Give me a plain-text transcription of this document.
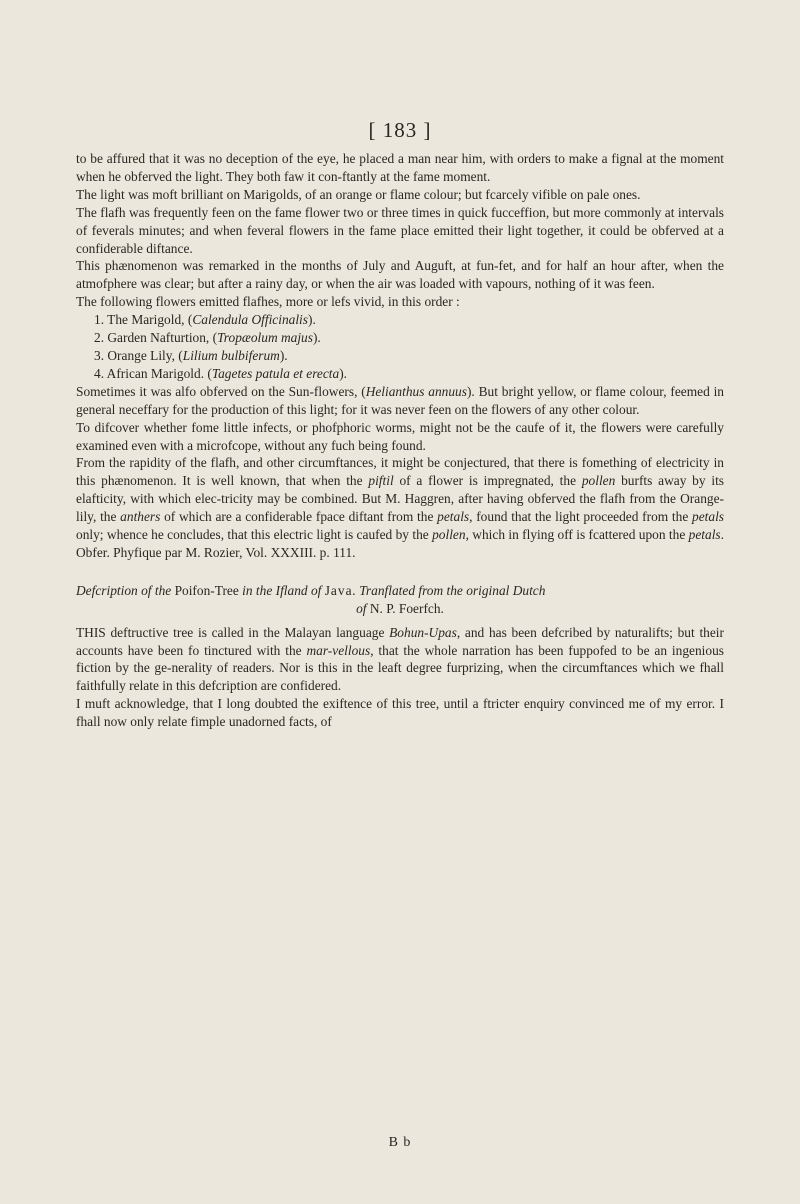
[ 183 ]

to be affured that it was no deception of the eye, he placed a man near him, with orders to make a fignal at the moment when he obferved the light. They both faw it con-ftantly at the fame moment.

The light was moft brilliant on Marigolds, of an orange or flame colour; but fcarcely vifible on pale ones.

The flafh was frequently feen on the fame flower two or three times in quick fucceffion, but more commonly at intervals of feverals minutes; and when feveral flowers in the fame place emitted their light together, it could be obferved at a confiderable diftance.

This phænomenon was remarked in the months of July and Auguft, at fun-fet, and for half an hour after, when the atmofphere was clear; but after a rainy day, or when the air was loaded with vapours, nothing of it was feen.

The following flowers emitted flafhes, more or lefs vivid, in this order :

1. The Marigold, (Calendula Officinalis).

2. Garden Nafturtion, (Tropæolum majus).

3. Orange Lily, (Lilium bulbiferum).

4. African Marigold. (Tagetes patula et erecta).

Sometimes it was alfo obferved on the Sun-flowers, (Helianthus annuus). But bright yellow, or flame colour, feemed in general neceffary for the production of this light; for it was never feen on the flowers of any other colour.

To difcover whether fome little infects, or phofphoric worms, might not be the caufe of it, the flowers were carefully examined even with a microfcope, without any fuch being found.

From the rapidity of the flafh, and other circumftances, it might be conjectured, that there is fomething of electricity in this phænomenon. It is well known, that when the piftil of a flower is impregnated, the pollen burfts away by its elafticity, with which elec-tricity may be combined. But M. Haggren, after having obferved the flafh from the Orange-lily, the anthers of which are a confiderable fpace diftant from the petals, found that the light proceeded from the petals only; whence he concludes, that this electric light is caufed by the pollen, which in flying off is fcattered upon the petals. Obfer. Phyfique par M. Rozier, Vol. XXXIII. p. 111.

Defcription of the Poifon-Tree in the Ifland of Java. Tranflated from the original Dutch
of N. P. Foerfch.

THIS deftructive tree is called in the Malayan language Bohun-Upas, and has been defcribed by naturalifts; but their accounts have been fo tinctured with the mar-vellous, that the whole narration has been fuppofed to be an ingenious fiction by the ge-nerality of readers. Nor is this in the leaft degree furprizing, when the circumftances which we fhall faithfully relate in this defcription are confidered.

I muft acknowledge, that I long doubted the exiftence of this tree, until a ftricter enquiry convinced me of my error. I fhall now only relate fimple unadorned facts, of

B b
